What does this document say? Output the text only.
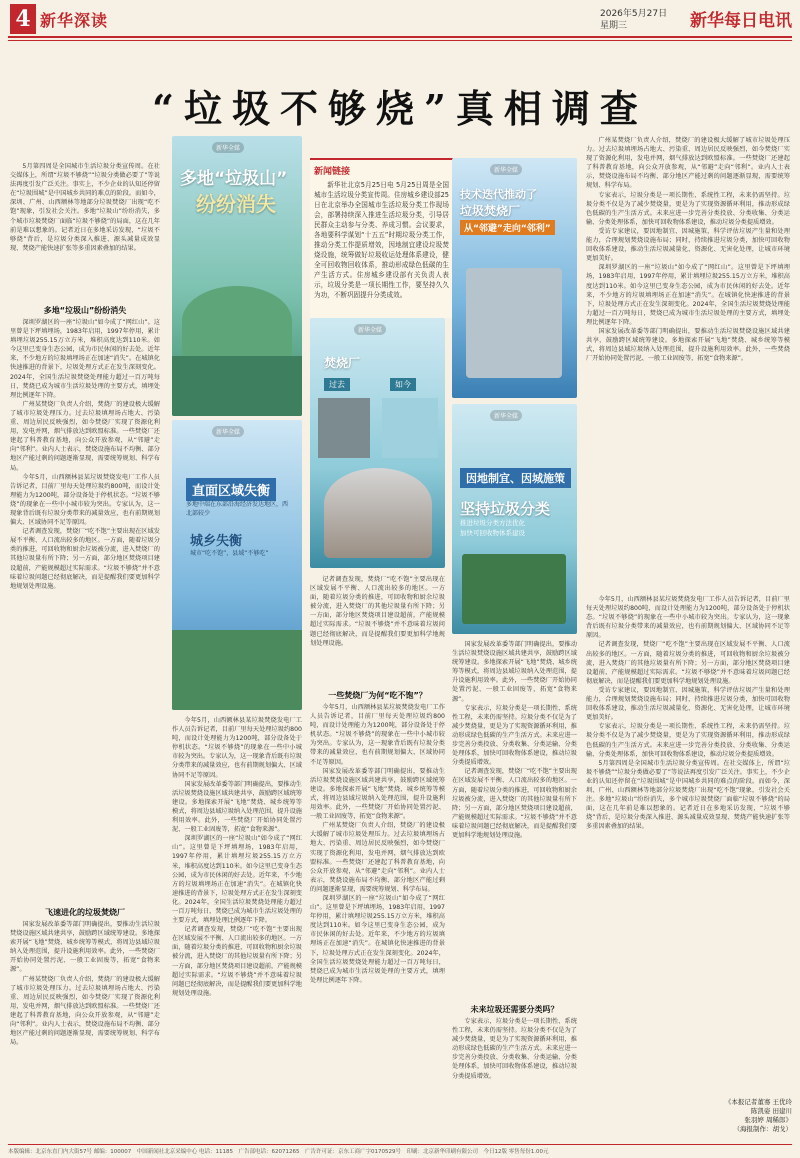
4 新华深读	2026年5月27日
星期三	新华每日电讯
“垃圾不够烧”真相调查
5月第四周是全国城市生活垃圾分类宣传周。在社交媒体上，所谓“垃圾不够烧”“垃圾分类做必要了”等说法再度引发广泛关注。事实上，不少企业的认知还停留在“垃圾围城”是中国城乡共同的难点的阶段。而如今，深圳、广州、山西额林等地部分垃圾焚烧厂出现“吃不饱”现象，引发社会关注。多地“垃圾山”纷纷消失，多个城市垃圾焚烧厂面临“垃圾不够烧”的局面，这在几年前是难以想象的。记者近日在多地采访发现，“垃圾不够烧”背后，是垃圾分类深入推进、源头减量成效显现、焚烧产能快速扩张等多重因素叠加的结果。
多地“垃圾山”纷纷消失

深圳罗湖区的一座“垃圾山”如今成了“网红山”。这里曾是下坪填埋场，1983年启用，1997年停用，累计填埋垃圾255.15万立方米，堆积高度达到110米。如今这里已变身生态公园，成为市民休闲的好去处。近年来，不少地方的垃圾填埋场正在加速“消失”。在城镇化快速推进的背景下，垃圾处理方式正在发生深刻变化。2024年，全国生活垃圾焚烧处理能力超过一百万吨每日，焚烧已成为城市生活垃圾处理的主要方式，填埋处理比例逐年下降。

广州某焚烧厂负责人介绍，焚烧厂的建设极大缓解了城市垃圾处理压力。过去垃圾填埋场占地大、污染重、周边居民反映强烈，如今焚烧厂实现了资源化利用，发电并网，烟气排放达到欧盟标准。一些焚烧厂还建起了科普教育基地，向公众开放参观，从“邻避”走向“邻利”。业内人士表示，焚烧设施布局不均衡、部分地区产能过剩的问题逐渐显现，需要统筹规划、科学布局。

今年5月，山西额林县某垃圾焚烧发电厂工作人员告诉记者，目前厂里每天处理垃圾约800吨，而设计处理能力为1200吨，部分设备处于停机状态。“垃圾不够烧”的现象在一些中小城市较为突出。专家认为，这一现象背后既有垃圾分类带来的减量效应，也有前期规划偏大、区域协同不足等原因。

记者调查发现，焚烧厂“吃不饱”主要出现在区域发展不平衡、人口流出较多的地区。一方面，随着垃圾分类的推进，可回收物和厨余垃圾被分流，进入焚烧厂的其他垃圾量有所下降；另一方面，部分地区焚烧项目建设超前，产能规模超过实际需求。“垃圾不够烧”并不意味着垃圾问题已经彻底解决，而是提醒我们要更加科学地规划处理设施。

飞速进化的垃圾焚烧厂

国家发展改革委等部门明确提出，要推动生活垃圾焚烧设施区域共建共享，鼓励跨区域统筹建设。多地探索开展“飞地”焚烧、城乡统筹等模式，将周边县域垃圾纳入处理范围，提升设施利用效率。此外，一些焚烧厂开始协同处置污泥、一般工业固废等，拓宽“食物来源”。

广州某焚烧厂负责人介绍，焚烧厂的建设极大缓解了城市垃圾处理压力。过去垃圾填埋场占地大、污染重、周边居民反映强烈，如今焚烧厂实现了资源化利用，发电并网，烟气排放达到欧盟标准。一些焚烧厂还建起了科普教育基地，向公众开放参观，从“邻避”走向“邻利”。业内人士表示，焚烧设施布局不均衡、部分地区产能过剩的问题逐渐显现，需要统筹规划、科学布局。

新华全媒
多地“垃圾山”
纷纷消失
新华全媒
直面区域失衡
多地中端在东部沿海经济发达地区，西北部较少
城乡失衡
城市“吃不饱”，县域“不够吃”

今年5月，山西额林县某垃圾焚烧发电厂工作人员告诉记者，目前厂里每天处理垃圾约800吨，而设计处理能力为1200吨，部分设备处于停机状态。“垃圾不够烧”的现象在一些中小城市较为突出。专家认为，这一现象背后既有垃圾分类带来的减量效应，也有前期规划偏大、区域协同不足等原因。

国家发展改革委等部门明确提出，要推动生活垃圾焚烧设施区域共建共享，鼓励跨区域统筹建设。多地探索开展“飞地”焚烧、城乡统筹等模式，将周边县域垃圾纳入处理范围，提升设施利用效率。此外，一些焚烧厂开始协同处置污泥、一般工业固废等，拓宽“食物来源”。

深圳罗湖区的一座“垃圾山”如今成了“网红山”。这里曾是下坪填埋场，1983年启用，1997年停用，累计填埋垃圾255.15万立方米，堆积高度达到110米。如今这里已变身生态公园，成为市民休闲的好去处。近年来，不少地方的垃圾填埋场正在加速“消失”。在城镇化快速推进的背景下，垃圾处理方式正在发生深刻变化。2024年，全国生活垃圾焚烧处理能力超过一百万吨每日，焚烧已成为城市生活垃圾处理的主要方式，填埋处理比例逐年下降。

记者调查发现，焚烧厂“吃不饱”主要出现在区域发展不平衡、人口流出较多的地区。一方面，随着垃圾分类的推进，可回收物和厨余垃圾被分流，进入焚烧厂的其他垃圾量有所下降；另一方面，部分地区焚烧项目建设超前，产能规模超过实际需求。“垃圾不够烧”并不意味着垃圾问题已经彻底解决，而是提醒我们要更加科学地规划处理设施。

新闻链接
新华社北京5月25日电 5月25日周是全国城市生活垃圾分类宣传周。住房城乡建设部25日在北京举办全国城市生活垃圾分类工作现场会，部署持续深入推进生活垃圾分类，引导居民群众主动参与分类、养成习惯。会议要求，各地要科学谋划“十五五”时期垃圾分类工作，推动分类工作提质增效，因地制宜建设垃圾焚烧设施，统筹做好垃圾收运处理体系建设，健全可回收物回收体系，推动形成绿色低碳的生产生活方式。住房城乡建设部有关负责人表示，垃圾分类是一项长期性工作，要坚持久久为功，不断巩固提升分类成效。
新华全媒
焚烧厂
过去	如今
记者调查发现，焚烧厂“吃不饱”主要出现在区域发展不平衡、人口流出较多的地区。一方面，随着垃圾分类的推进，可回收物和厨余垃圾被分流，进入焚烧厂的其他垃圾量有所下降；另一方面，部分地区焚烧项目建设超前，产能规模超过实际需求。“垃圾不够烧”并不意味着垃圾问题已经彻底解决，而是提醒我们要更加科学地规划处理设施。
一些焚烧厂为何“吃不饱”？

今年5月，山西额林县某垃圾焚烧发电厂工作人员告诉记者，目前厂里每天处理垃圾约800吨，而设计处理能力为1200吨，部分设备处于停机状态。“垃圾不够烧”的现象在一些中小城市较为突出。专家认为，这一现象背后既有垃圾分类带来的减量效应，也有前期规划偏大、区域协同不足等原因。

国家发展改革委等部门明确提出，要推动生活垃圾焚烧设施区域共建共享，鼓励跨区域统筹建设。多地探索开展“飞地”焚烧、城乡统筹等模式，将周边县域垃圾纳入处理范围，提升设施利用效率。此外，一些焚烧厂开始协同处置污泥、一般工业固废等，拓宽“食物来源”。

广州某焚烧厂负责人介绍，焚烧厂的建设极大缓解了城市垃圾处理压力。过去垃圾填埋场占地大、污染重、周边居民反映强烈，如今焚烧厂实现了资源化利用，发电并网，烟气排放达到欧盟标准。一些焚烧厂还建起了科普教育基地，向公众开放参观，从“邻避”走向“邻利”。业内人士表示，焚烧设施布局不均衡、部分地区产能过剩的问题逐渐显现，需要统筹规划、科学布局。

深圳罗湖区的一座“垃圾山”如今成了“网红山”。这里曾是下坪填埋场，1983年启用，1997年停用，累计填埋垃圾255.15万立方米，堆积高度达到110米。如今这里已变身生态公园，成为市民休闲的好去处。近年来，不少地方的垃圾填埋场正在加速“消失”。在城镇化快速推进的背景下，垃圾处理方式正在发生深刻变化。2024年，全国生活垃圾焚烧处理能力超过一百万吨每日，焚烧已成为城市生活垃圾处理的主要方式，填埋处理比例逐年下降。

新华全媒
技术迭代推动了
垃圾焚烧厂
从“邻避”走向“邻利”
新华全媒
因地制宜、因城施策
坚持垃圾分类
推进垃圾分类方法优化
加快可回收物体系建设

国家发展改革委等部门明确提出，要推动生活垃圾焚烧设施区域共建共享，鼓励跨区域统筹建设。多地探索开展“飞地”焚烧、城乡统筹等模式，将周边县域垃圾纳入处理范围，提升设施利用效率。此外，一些焚烧厂开始协同处置污泥、一般工业固废等，拓宽“食物来源”。

专家表示，垃圾分类是一项长期性、系统性工程，未来仍需坚持。垃圾分类不仅是为了减少焚烧量，更是为了实现资源循环利用，推动形成绿色低碳的生产生活方式。未来应进一步完善分类投放、分类收集、分类运输、分类处理体系，加快可回收物体系建设，推动垃圾分类提质增效。

记者调查发现，焚烧厂“吃不饱”主要出现在区域发展不平衡、人口流出较多的地区。一方面，随着垃圾分类的推进，可回收物和厨余垃圾被分流，进入焚烧厂的其他垃圾量有所下降；另一方面，部分地区焚烧项目建设超前，产能规模超过实际需求。“垃圾不够烧”并不意味着垃圾问题已经彻底解决，而是提醒我们要更加科学地规划处理设施。

未来垃圾还需要分类吗？
专家表示，垃圾分类是一项长期性、系统性工程，未来仍需坚持。垃圾分类不仅是为了减少焚烧量，更是为了实现资源循环利用，推动形成绿色低碳的生产生活方式。未来应进一步完善分类投放、分类收集、分类运输、分类处理体系，加快可回收物体系建设，推动垃圾分类提质增效。

广州某焚烧厂负责人介绍，焚烧厂的建设极大缓解了城市垃圾处理压力。过去垃圾填埋场占地大、污染重、周边居民反映强烈，如今焚烧厂实现了资源化利用，发电并网，烟气排放达到欧盟标准。一些焚烧厂还建起了科普教育基地，向公众开放参观，从“邻避”走向“邻利”。业内人士表示，焚烧设施布局不均衡、部分地区产能过剩的问题逐渐显现，需要统筹规划、科学布局。

专家表示，垃圾分类是一项长期性、系统性工程，未来仍需坚持。垃圾分类不仅是为了减少焚烧量，更是为了实现资源循环利用，推动形成绿色低碳的生产生活方式。未来应进一步完善分类投放、分类收集、分类运输、分类处理体系，加快可回收物体系建设，推动垃圾分类提质增效。

受访专家建议，要因地制宜、因城施策，科学评估垃圾产生量和处理能力，合理规划焚烧设施布局；同时，持续推进垃圾分类，加快可回收物回收体系建设，推动生活垃圾减量化、资源化、无害化处理，让城市环境更加美好。

深圳罗湖区的一座“垃圾山”如今成了“网红山”。这里曾是下坪填埋场，1983年启用，1997年停用，累计填埋垃圾255.15万立方米，堆积高度达到110米。如今这里已变身生态公园，成为市民休闲的好去处。近年来，不少地方的垃圾填埋场正在加速“消失”。在城镇化快速推进的背景下，垃圾处理方式正在发生深刻变化。2024年，全国生活垃圾焚烧处理能力超过一百万吨每日，焚烧已成为城市生活垃圾处理的主要方式，填埋处理比例逐年下降。

国家发展改革委等部门明确提出，要推动生活垃圾焚烧设施区域共建共享，鼓励跨区域统筹建设。多地探索开展“飞地”焚烧、城乡统筹等模式，将周边县域垃圾纳入处理范围，提升设施利用效率。此外，一些焚烧厂开始协同处置污泥、一般工业固废等，拓宽“食物来源”。

今年5月，山西额林县某垃圾焚烧发电厂工作人员告诉记者，目前厂里每天处理垃圾约800吨，而设计处理能力为1200吨，部分设备处于停机状态。“垃圾不够烧”的现象在一些中小城市较为突出。专家认为，这一现象背后既有垃圾分类带来的减量效应，也有前期规划偏大、区域协同不足等原因。

记者调查发现，焚烧厂“吃不饱”主要出现在区域发展不平衡、人口流出较多的地区。一方面，随着垃圾分类的推进，可回收物和厨余垃圾被分流，进入焚烧厂的其他垃圾量有所下降；另一方面，部分地区焚烧项目建设超前，产能规模超过实际需求。“垃圾不够烧”并不意味着垃圾问题已经彻底解决，而是提醒我们要更加科学地规划处理设施。

受访专家建议，要因地制宜、因城施策，科学评估垃圾产生量和处理能力，合理规划焚烧设施布局；同时，持续推进垃圾分类，加快可回收物回收体系建设，推动生活垃圾减量化、资源化、无害化处理，让城市环境更加美好。

专家表示，垃圾分类是一项长期性、系统性工程，未来仍需坚持。垃圾分类不仅是为了减少焚烧量，更是为了实现资源循环利用，推动形成绿色低碳的生产生活方式。未来应进一步完善分类投放、分类收集、分类运输、分类处理体系，加快可回收物体系建设，推动垃圾分类提质增效。

5月第四周是全国城市生活垃圾分类宣传周。在社交媒体上，所谓“垃圾不够烧”“垃圾分类做必要了”等说法再度引发广泛关注。事实上，不少企业的认知还停留在“垃圾围城”是中国城乡共同的难点的阶段。而如今，深圳、广州、山西额林等地部分垃圾焚烧厂出现“吃不饱”现象，引发社会关注。多地“垃圾山”纷纷消失，多个城市垃圾焚烧厂面临“垃圾不够烧”的局面，这在几年前是难以想象的。记者近日在多地采访发现，“垃圾不够烧”背后，是垃圾分类深入推进、源头减量成效显现、焚烧产能快速扩张等多重因素叠加的结果。

《本报记者董骞 王优玲
陈凯姿 田建川
张羽婷 周稀郎》
（海报制作：胡戈）
本版编辑：北京东直门内大街57号 邮编：100007　中国新闻社北京采编中心 电话：11185　广告部电话：62071265　广告许可证：京东工商广字0170529号　印刷：北京新华印刷有限公司　今日12版 零售每份1.00元
